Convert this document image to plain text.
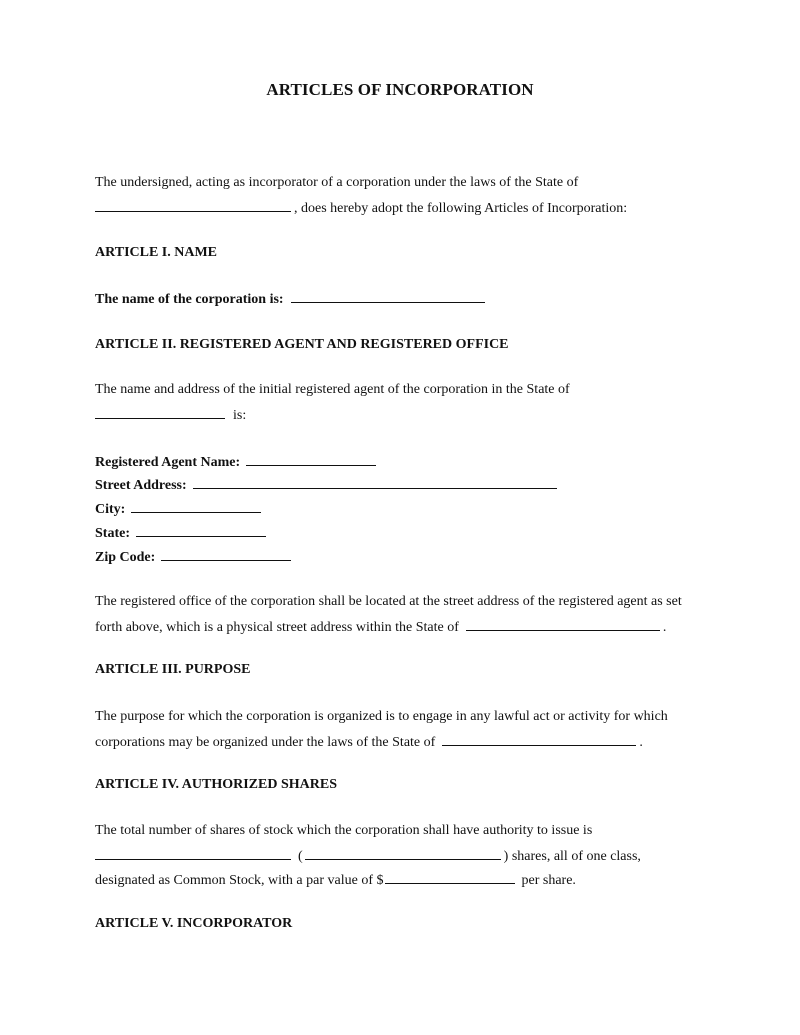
ARTICLES OF INCORPORATION
The undersigned, acting as incorporator of a corporation under the laws of the State of
, does hereby adopt the following Articles of Incorporation:
ARTICLE I. NAME
The name of the corporation is:
ARTICLE II. REGISTERED AGENT AND REGISTERED OFFICE
The name and address of the initial registered agent of the corporation in the State of
is:
Registered Agent Name:
Street Address:
City:
State:
Zip Code:
The registered office of the corporation shall be located at the street address of the registered agent as set
forth above, which is a physical street address within the State of	.
ARTICLE III. PURPOSE
The purpose for which the corporation is organized is to engage in any lawful act or activity for which
corporations may be organized under the laws of the State of	.
ARTICLE IV. AUTHORIZED SHARES
The total number of shares of stock which the corporation shall have authority to issue is
(	) shares, all of one class,
designated as Common Stock, with a par value of $	per share.
ARTICLE V. INCORPORATOR
